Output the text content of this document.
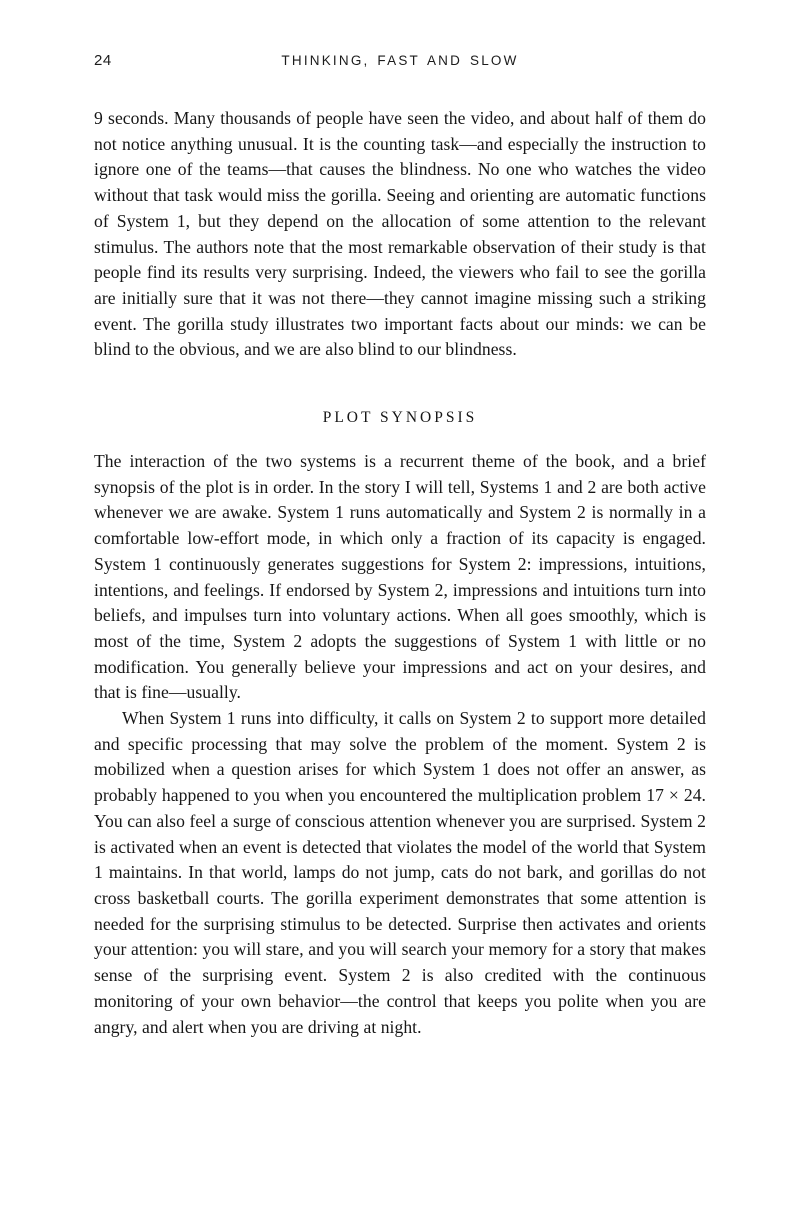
24	THINKING, FAST AND SLOW

9 seconds. Many thousands of people have seen the video, and about half of them do not notice anything unusual. It is the counting task—and especially the instruction to ignore one of the teams—that causes the blindness. No one who watches the video without that task would miss the gorilla. Seeing and orienting are automatic functions of System 1, but they depend on the allocation of some attention to the relevant stimulus. The authors note that the most remarkable observation of their study is that people find its results very surprising. Indeed, the viewers who fail to see the gorilla are initially sure that it was not there—they cannot imagine missing such a striking event. The gorilla study illustrates two important facts about our minds: we can be blind to the obvious, and we are also blind to our blindness.

PLOT SYNOPSIS

The interaction of the two systems is a recurrent theme of the book, and a brief synopsis of the plot is in order. In the story I will tell, Systems 1 and 2 are both active whenever we are awake. System 1 runs automatically and System 2 is normally in a comfortable low-effort mode, in which only a fraction of its capacity is engaged. System 1 continuously generates suggestions for System 2: impressions, intuitions, intentions, and feelings. If endorsed by System 2, impressions and intuitions turn into beliefs, and impulses turn into voluntary actions. When all goes smoothly, which is most of the time, System 2 adopts the suggestions of System 1 with little or no modification. You generally believe your impressions and act on your desires, and that is fine—usually.

When System 1 runs into difficulty, it calls on System 2 to support more detailed and specific processing that may solve the problem of the moment. System 2 is mobilized when a question arises for which System 1 does not offer an answer, as probably happened to you when you encountered the multiplication problem 17 × 24. You can also feel a surge of conscious attention whenever you are surprised. System 2 is activated when an event is detected that violates the model of the world that System 1 maintains. In that world, lamps do not jump, cats do not bark, and gorillas do not cross basketball courts. The gorilla experiment demonstrates that some attention is needed for the surprising stimulus to be detected. Surprise then activates and orients your attention: you will stare, and you will search your memory for a story that makes sense of the surprising event. System 2 is also credited with the continuous monitoring of your own behavior—the control that keeps you polite when you are angry, and alert when you are driving at night.
